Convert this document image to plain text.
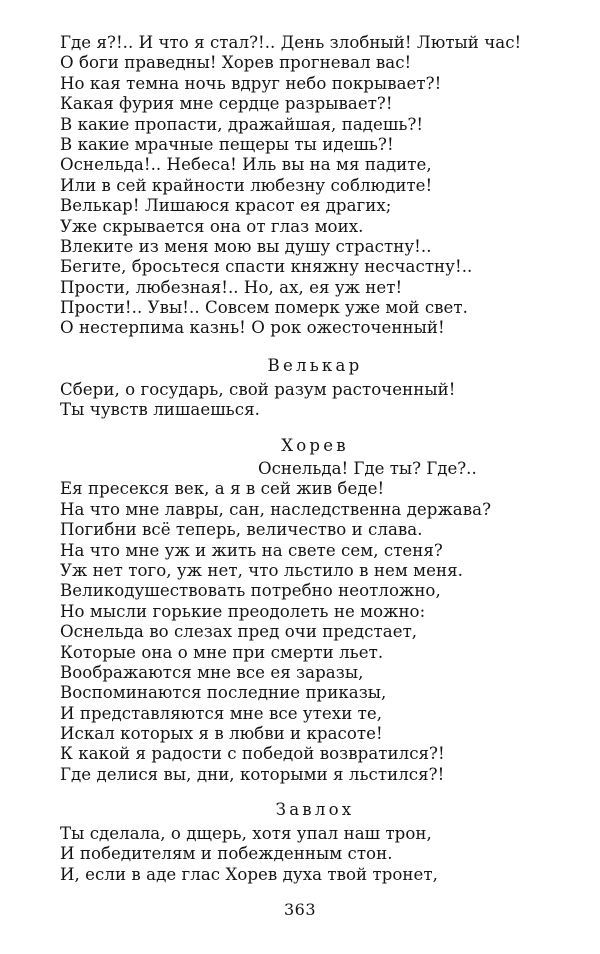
Где я?!.. И что я стал?!.. День злобный! Лютый час!
О боги праведны! Хорев прогневал вас!
Но кая темна ночь вдруг небо покрывает?!
Какая фурия мне сердце разрывает?!
В какие пропасти, дражайшая, падешь?!
В какие мрачные пещеры ты идешь?!
Оснельда!.. Небеса! Иль вы на мя падите,
Или в сей крайности любезну соблюдите!
Велькар! Лишаюся красот ея драгих;
Уже скрывается она от глаз моих.
Влеките из меня мою вы душу страстну!..
Бегите, бросьтеся спасти княжну несчастну!..
Прости, любезная!.. Но, ах, ея уж нет!
Прости!.. Увы!.. Совсем померк уже мой свет.
О нестерпима казнь! О рок ожесточенный!
Велькар
Сбери, о государь, свой разум расточенный!
Ты чувств лишаешься.
Хорев
Оснельда! Где ты? Где?..
Ея пресекся век, а я в сей жив беде!
На что мне лавры, сан, наследственна держава?
Погибни всё теперь, величество и слава.
На что мне уж и жить на свете сем, стеня?
Уж нет того, уж нет, что льстило в нем меня.
Великодушествовать потребно неотложно,
Но мысли горькие преодолеть не можно:
Оснельда во слезах пред очи предстает,
Которые она о мне при смерти льет.
Воображаются мне все ея заразы,
Воспоминаются последние приказы,
И представляются мне все утехи те,
Искал которых я в любви и красоте!
К какой я радости с победой возвратился?!
Где делися вы, дни, которыми я льстился?!
Завлох
Ты сделала, о дщерь, хотя упал наш трон,
И победителям и побежденным стон.
И, если в аде глас Хорев духа твой тронет,
363
